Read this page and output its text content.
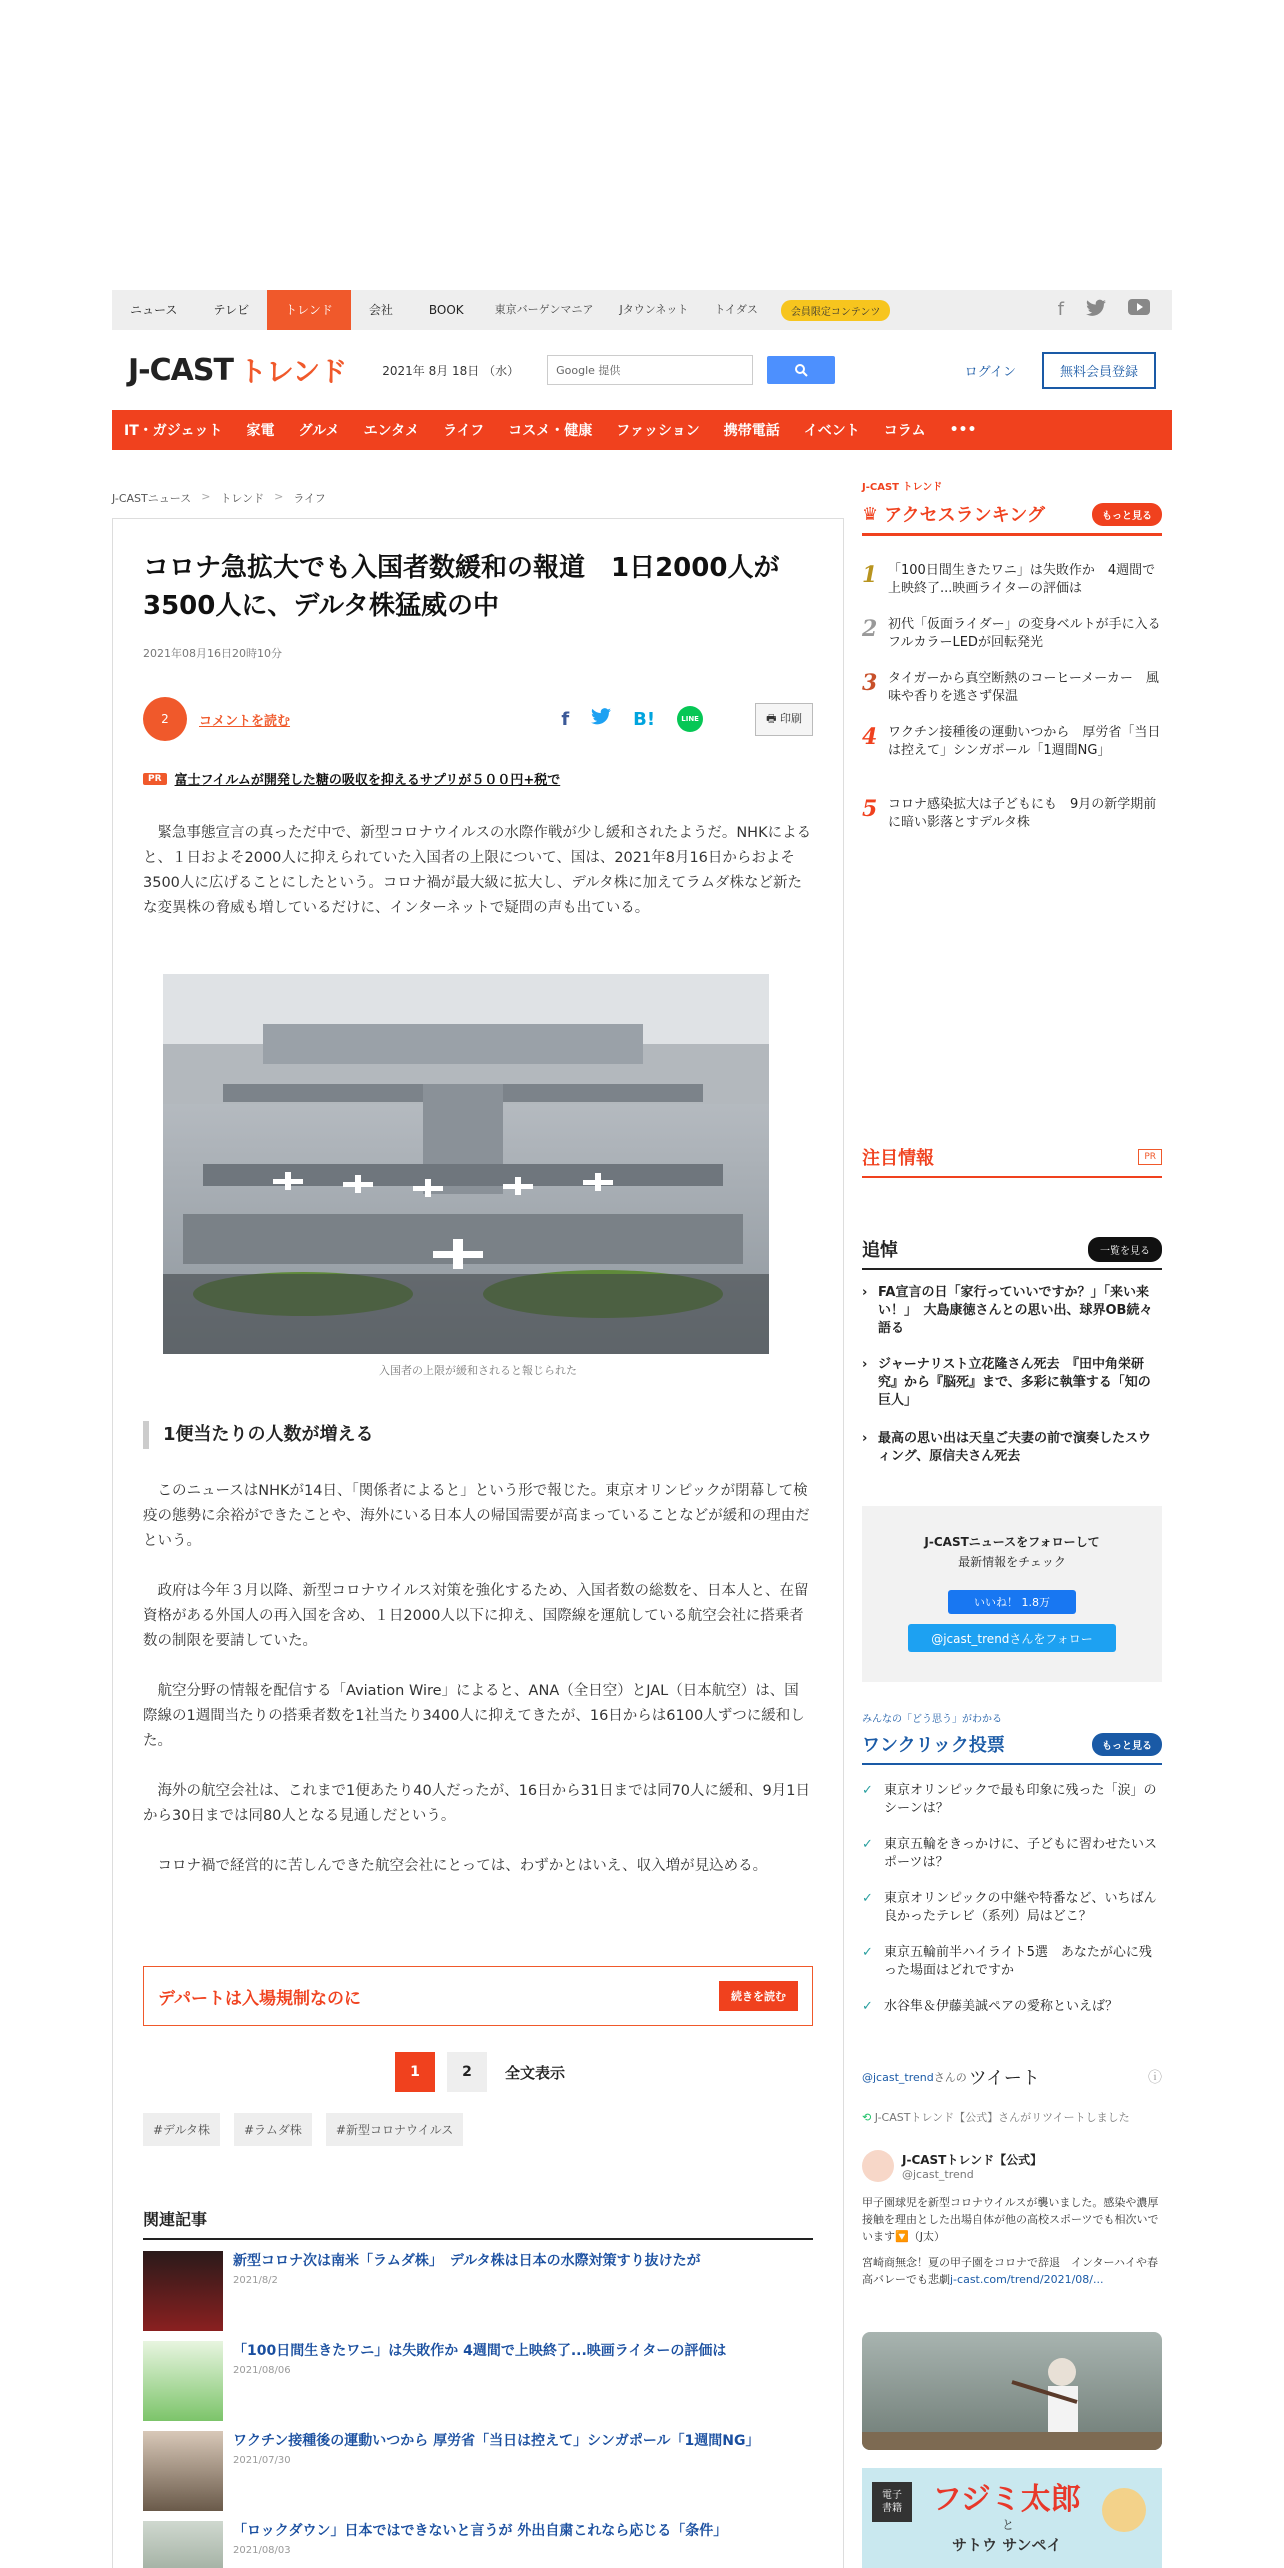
ニュース	テレビ	トレンド	会社	BOOK	東京バーゲンマニア	Jタウンネット	トイダス	会員限定コンテンツ	f
J-CAST トレンド	2021年 8月 18日 （水）	Google 提供	ログイン	無料会員登録
IT・ガジェット	家電	グルメ	エンタメ	ライフ	コスメ・健康	ファッション	携帯電話	イベント	コラム	•••
J-CASTニュース > トレンド > ライフ
コロナ急拡大でも入国者数緩和の報道　1日2000人が3500人に、デルタ株猛威の中
2021年08月16日20時10分
2	コメントを読む	f	B!	LINE	🖶 印刷
PR	富士フイルムが開発した糖の吸収を抑えるサプリが５００円+税で

　緊急事態宣言の真っただ中で、新型コロナウイルスの水際作戦が少し緩和されたようだ。NHKによると、１日およそ2000人に抑えられていた入国者の上限について、国は、2021年8月16日からおよそ3500人に広げることにしたという。コロナ禍が最大級に拡大し、デルタ株に加えてラムダ株など新たな変異株の脅威も増しているだけに、インターネットで疑問の声も出ている。

入国者の上限が緩和されると報じられた
1便当たりの人数が増える

　このニュースはNHKが14日、「関係者によると」という形で報じた。東京オリンピックが閉幕して検疫の態勢に余裕ができたことや、海外にいる日本人の帰国需要が高まっていることなどが緩和の理由だという。

　政府は今年３月以降、新型コロナウイルス対策を強化するため、入国者数の総数を、日本人と、在留資格がある外国人の再入国を含め、１日2000人以下に抑え、国際線を運航している航空会社に搭乗者数の制限を要請していた。

　航空分野の情報を配信する「Aviation Wire」によると、ANA（全日空）とJAL（日本航空）は、国際線の1週間当たりの搭乗者数を1社当たり3400人に抑えてきたが、16日からは6100人ずつに緩和した。

　海外の航空会社は、これまで1便あたり40人だったが、16日から31日までは同70人に緩和、9月1日から30日までは同80人となる見通しだという。

　コロナ禍で経営的に苦しんできた航空会社にとっては、わずかとはいえ、収入増が見込める。

デパートは入場規制なのに	続きを読む
1	2	全文表示
#デルタ株	#ラムダ株	#新型コロナウイルス
関連記事
新型コロナ次は南米「ラムダ株」　デルタ株は日本の水際対策すり抜けたが
2021/8/2
「100日間生きたワニ」は失敗作か 4週間で上映終了...映画ライターの評価は
2021/08/06
ワクチン接種後の運動いつから 厚労省「当日は控えて」シンガポール「1週間NG」
2021/07/30
「ロックダウン」日本ではできないと言うが 外出自粛これなら応じる「条件」
2021/08/03
J-CAST トレンド
♛ アクセスランキング	もっと見る
1 「100日間生きたワニ」は失敗作か　4週間で上映終了...映画ライターの評価は
2 初代「仮面ライダー」の変身ベルトが手に入る　フルカラーLEDが回転発光
3 タイガーから真空断熱のコーヒーメーカー　風味や香りを逃さず保温
4 ワクチン接種後の運動いつから　厚労省「当日は控えて」シンガポール「1週間NG」
5 コロナ感染拡大は子どもにも　9月の新学期前に暗い影落とすデルタ株
注目情報	PR
追悼	一覧を見る
› FA宣言の日「家行っていいですか？」「来い来い！」　大島康徳さんとの思い出、球界OB続々語る
› ジャーナリスト立花隆さん死去　『田中角栄研究』から『脳死』まで、多彩に執筆する「知の巨人」
› 最高の思い出は天皇ご夫妻の前で演奏したスウィング、原信夫さん死去
J-CASTニュースをフォローして
最新情報をチェック
いいね！ 1.8万
@jcast_trendさんをフォロー
みんなの「どう思う」がわかる
ワンクリック投票	もっと見る
✓ 東京オリンピックで最も印象に残った「涙」のシーンは？
✓ 東京五輪をきっかけに、子どもに習わせたいスポーツは？
✓ 東京オリンピックの中継や特番など、いちばん良かったテレビ（系列）局はどこ？
✓ 東京五輪前半ハイライト5選　あなたが心に残った場面はどれですか
✓ 水谷隼＆伊藤美誠ペアの愛称といえば？
@jcast_trend さんの ツイート	ⓘ
⟲ J-CASTトレンド【公式】さんがリツイートしました
J-CASTトレンド【公式】
@jcast_trend
甲子園球児を新型コロナウイルスが襲いました。感染や濃厚接触を理由とした出場自体が他の高校スポーツでも相次いでいます🔽（J太）
宮崎商無念！夏の甲子園をコロナで辞退　インターハイや春高バレーでも悲劇j-cast.com/trend/2021/08/...
電子
書籍 フジミ太郎
と
サトウ サンペイ
